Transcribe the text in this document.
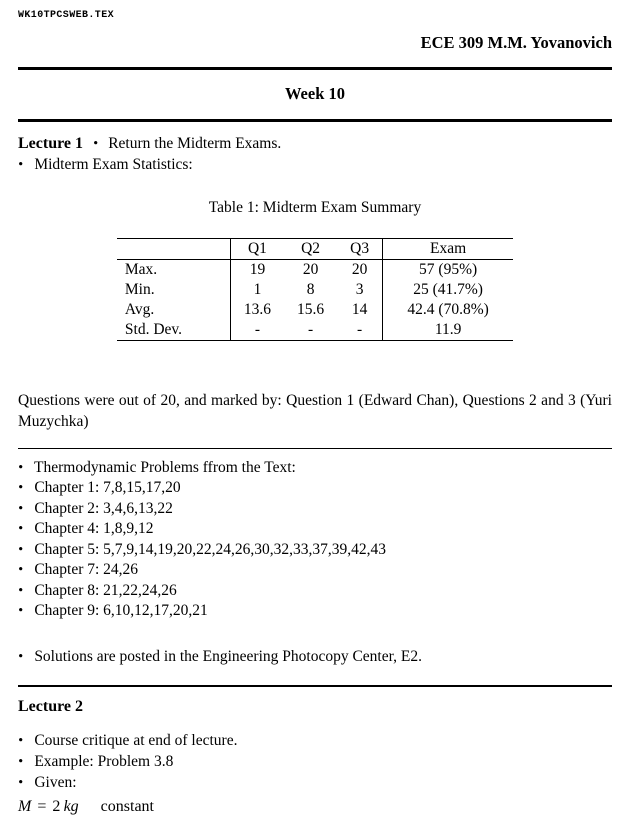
WK10TPCSWEB.TEX
ECE 309 M.M. Yovanovich
Week 10

Lecture 1 • Return the Midterm Exams.

• Midterm Exam Statistics:

Table 1: Midterm Exam Summary
	Q1	Q2	Q3	Exam
Max.	19	20	20	57 (95%)
Min.	1	8	3	25 (41.7%)
Avg.	13.6	15.6	14	42.4 (70.8%)
Std. Dev.	-	-	-	11.9

Questions were out of 20, and marked by: Question 1 (Edward Chan), Questions 2 and 3 (Yuri Muzychka)

• Thermodynamic Problems ffrom the Text:

• Chapter 1: 7,8,15,17,20

• Chapter 2: 3,4,6,13,22

• Chapter 4: 1,8,9,12

• Chapter 5: 5,7,9,14,19,20,22,24,26,30,32,33,37,39,42,43

• Chapter 7: 24,26

• Chapter 8: 21,22,24,26

• Chapter 9: 6,10,12,17,20,21

• Solutions are posted in the Engineering Photocopy Center, E2.

Lecture 2

• Course critique at end of lecture.

• Example: Problem 3.8

• Given:

M = 2  kg constant
